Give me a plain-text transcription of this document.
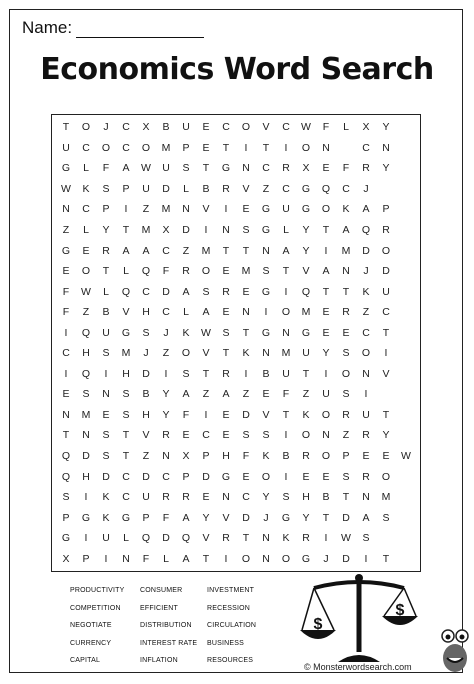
Name:
Economics Word Search
T	O	J	C	X	B	U	E	C	O	V	C	W	F	L	X	Y
U	C	O	C	O	M	P	E	T	I	T	I	O	N	C	N
G	L	F	A	W	U	S	T	G	N	C	R	X	E	F	R	Y
W	K	S	P	U	D	L	B	R	V	Z	C	G	Q	C	J
N	C	P	I	Z	M	N	V	I	E	G	U	G	O	K	A	P
Z	L	Y	T	M	X	D	I	N	S	G	L	Y	T	A	Q	R
G	E	R	A	A	C	Z	M	T	T	N	A	Y	I	M	D	O
E	O	T	L	Q	F	R	O	E	M	S	T	V	A	N	J	D
F	W	L	Q	C	D	A	S	R	E	G	I	Q	T	T	K	U
F	Z	B	V	H	C	L	A	E	N	I	O	M	E	R	Z	C
I	Q	U	G	S	J	K	W	S	T	G	N	G	E	E	C	T
C	H	S	M	J	Z	O	V	T	K	N	M	U	Y	S	O	I
I	Q	I	H	D	I	S	T	R	I	B	U	T	I	O	N	V
E	S	N	S	B	Y	A	Z	A	Z	E	F	Z	U	S	I
N	M	E	S	H	Y	F	I	E	D	V	T	K	O	R	U	T
T	N	S	T	V	R	E	C	E	S	S	I	O	N	Z	R	Y
Q	D	S	T	Z	N	X	P	H	F	K	B	R	O	P	E	E	W
Q	H	D	C	D	C	P	D	G	E	O	I	E	E	S	R	O
S	I	K	C	U	R	R	E	N	C	Y	S	H	B	T	N	M
P	G	K	G	P	F	A	Y	V	D	J	G	Y	T	D	A	S
G	I	U	L	Q	D	Q	V	R	T	N	K	R	I	W	S
X	P	I	N	F	L	A	T	I	O	N	O	G	J	D	I	T
PRODUCTIVITY
COMPETITION
NEGOTIATE
CURRENCY
CAPITAL
CONSUMER
EFFICIENT
DISTRIBUTION
INTEREST RATE
INFLATION
INVESTMENT
RECESSION
CIRCULATION
BUSINESS
RESOURCES
$
$
© Monsterwordsearch.com
